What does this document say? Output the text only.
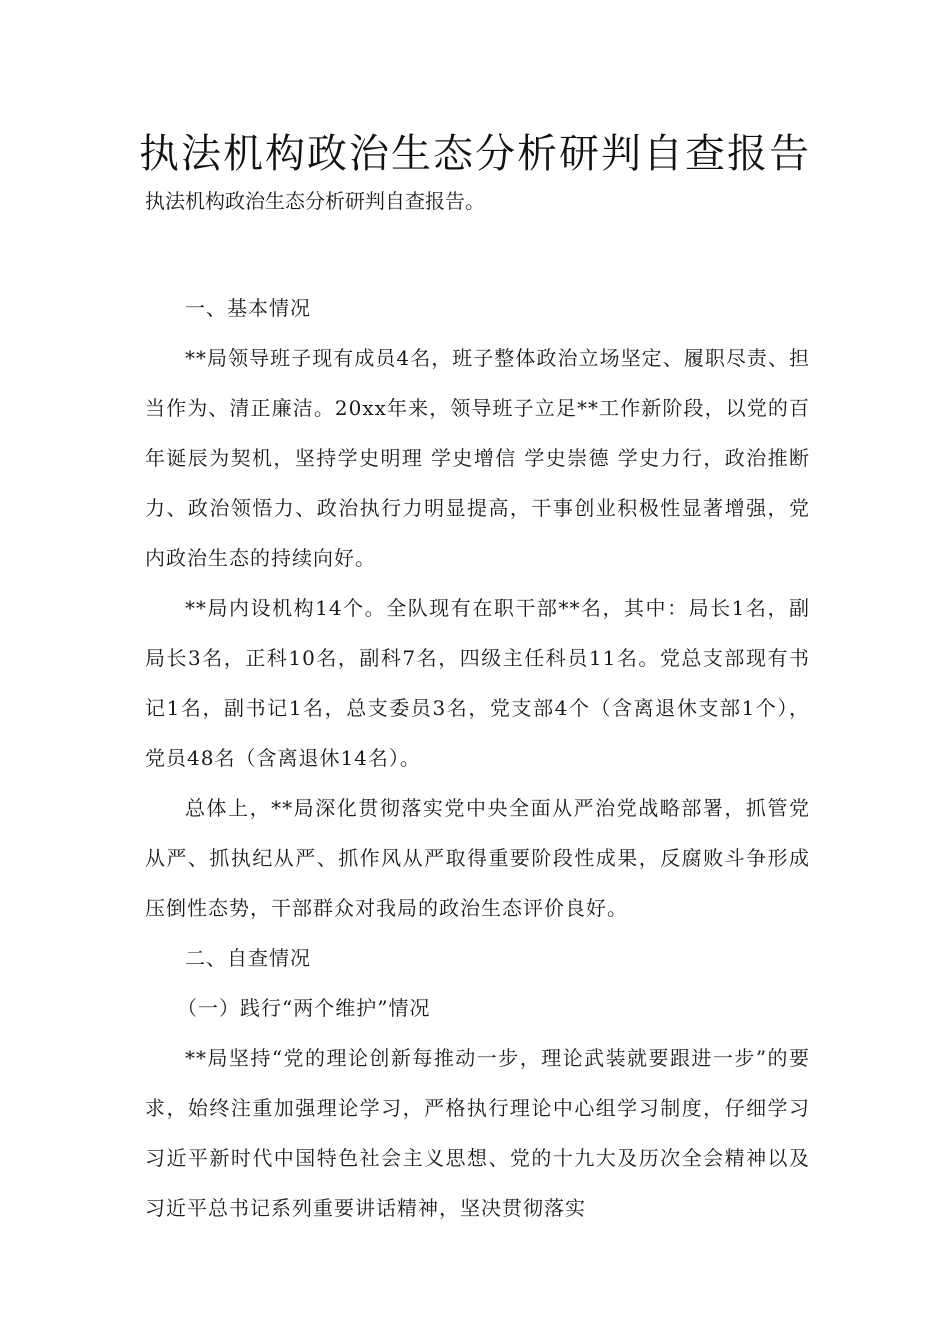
执法机构政治生态分析研判自查报告

执法机构政治生态分析研判自查报告。

一、基本情况

**局领导班子现有成员4名，班子整体政治立场坚定、履职尽责、担当作为、清正廉洁。20xx年来，领导班子立足**工作新阶段，以党的百年诞辰为契机，坚持学史明理 学史增信 学史崇德 学史力行，政治推断力、政治领悟力、政治执行力明显提高，干事创业积极性显著增强，党内政治生态的持续向好。

**局内设机构14个。全队现有在职干部**名，其中：局长1名，副局长3名，正科10名，副科7名，四级主任科员11名。党总支部现有书记1名，副书记1名，总支委员3名，党支部4个（含离退休支部1个），党员48名（含离退休14名）。

总体上，**局深化贯彻落实党中央全面从严治党战略部署，抓管党从严、抓执纪从严、抓作风从严取得重要阶段性成果，反腐败斗争形成压倒性态势，干部群众对我局的政治生态评价良好。

二、自查情况

（一）践行“两个维护”情况

**局坚持“党的理论创新每推动一步，理论武装就要跟进一步”的要求，始终注重加强理论学习，严格执行理论中心组学习制度，仔细学习习近平新时代中国特色社会主义思想、党的十九大及历次全会精神以及习近平总书记系列重要讲话精神，坚决贯彻落实
